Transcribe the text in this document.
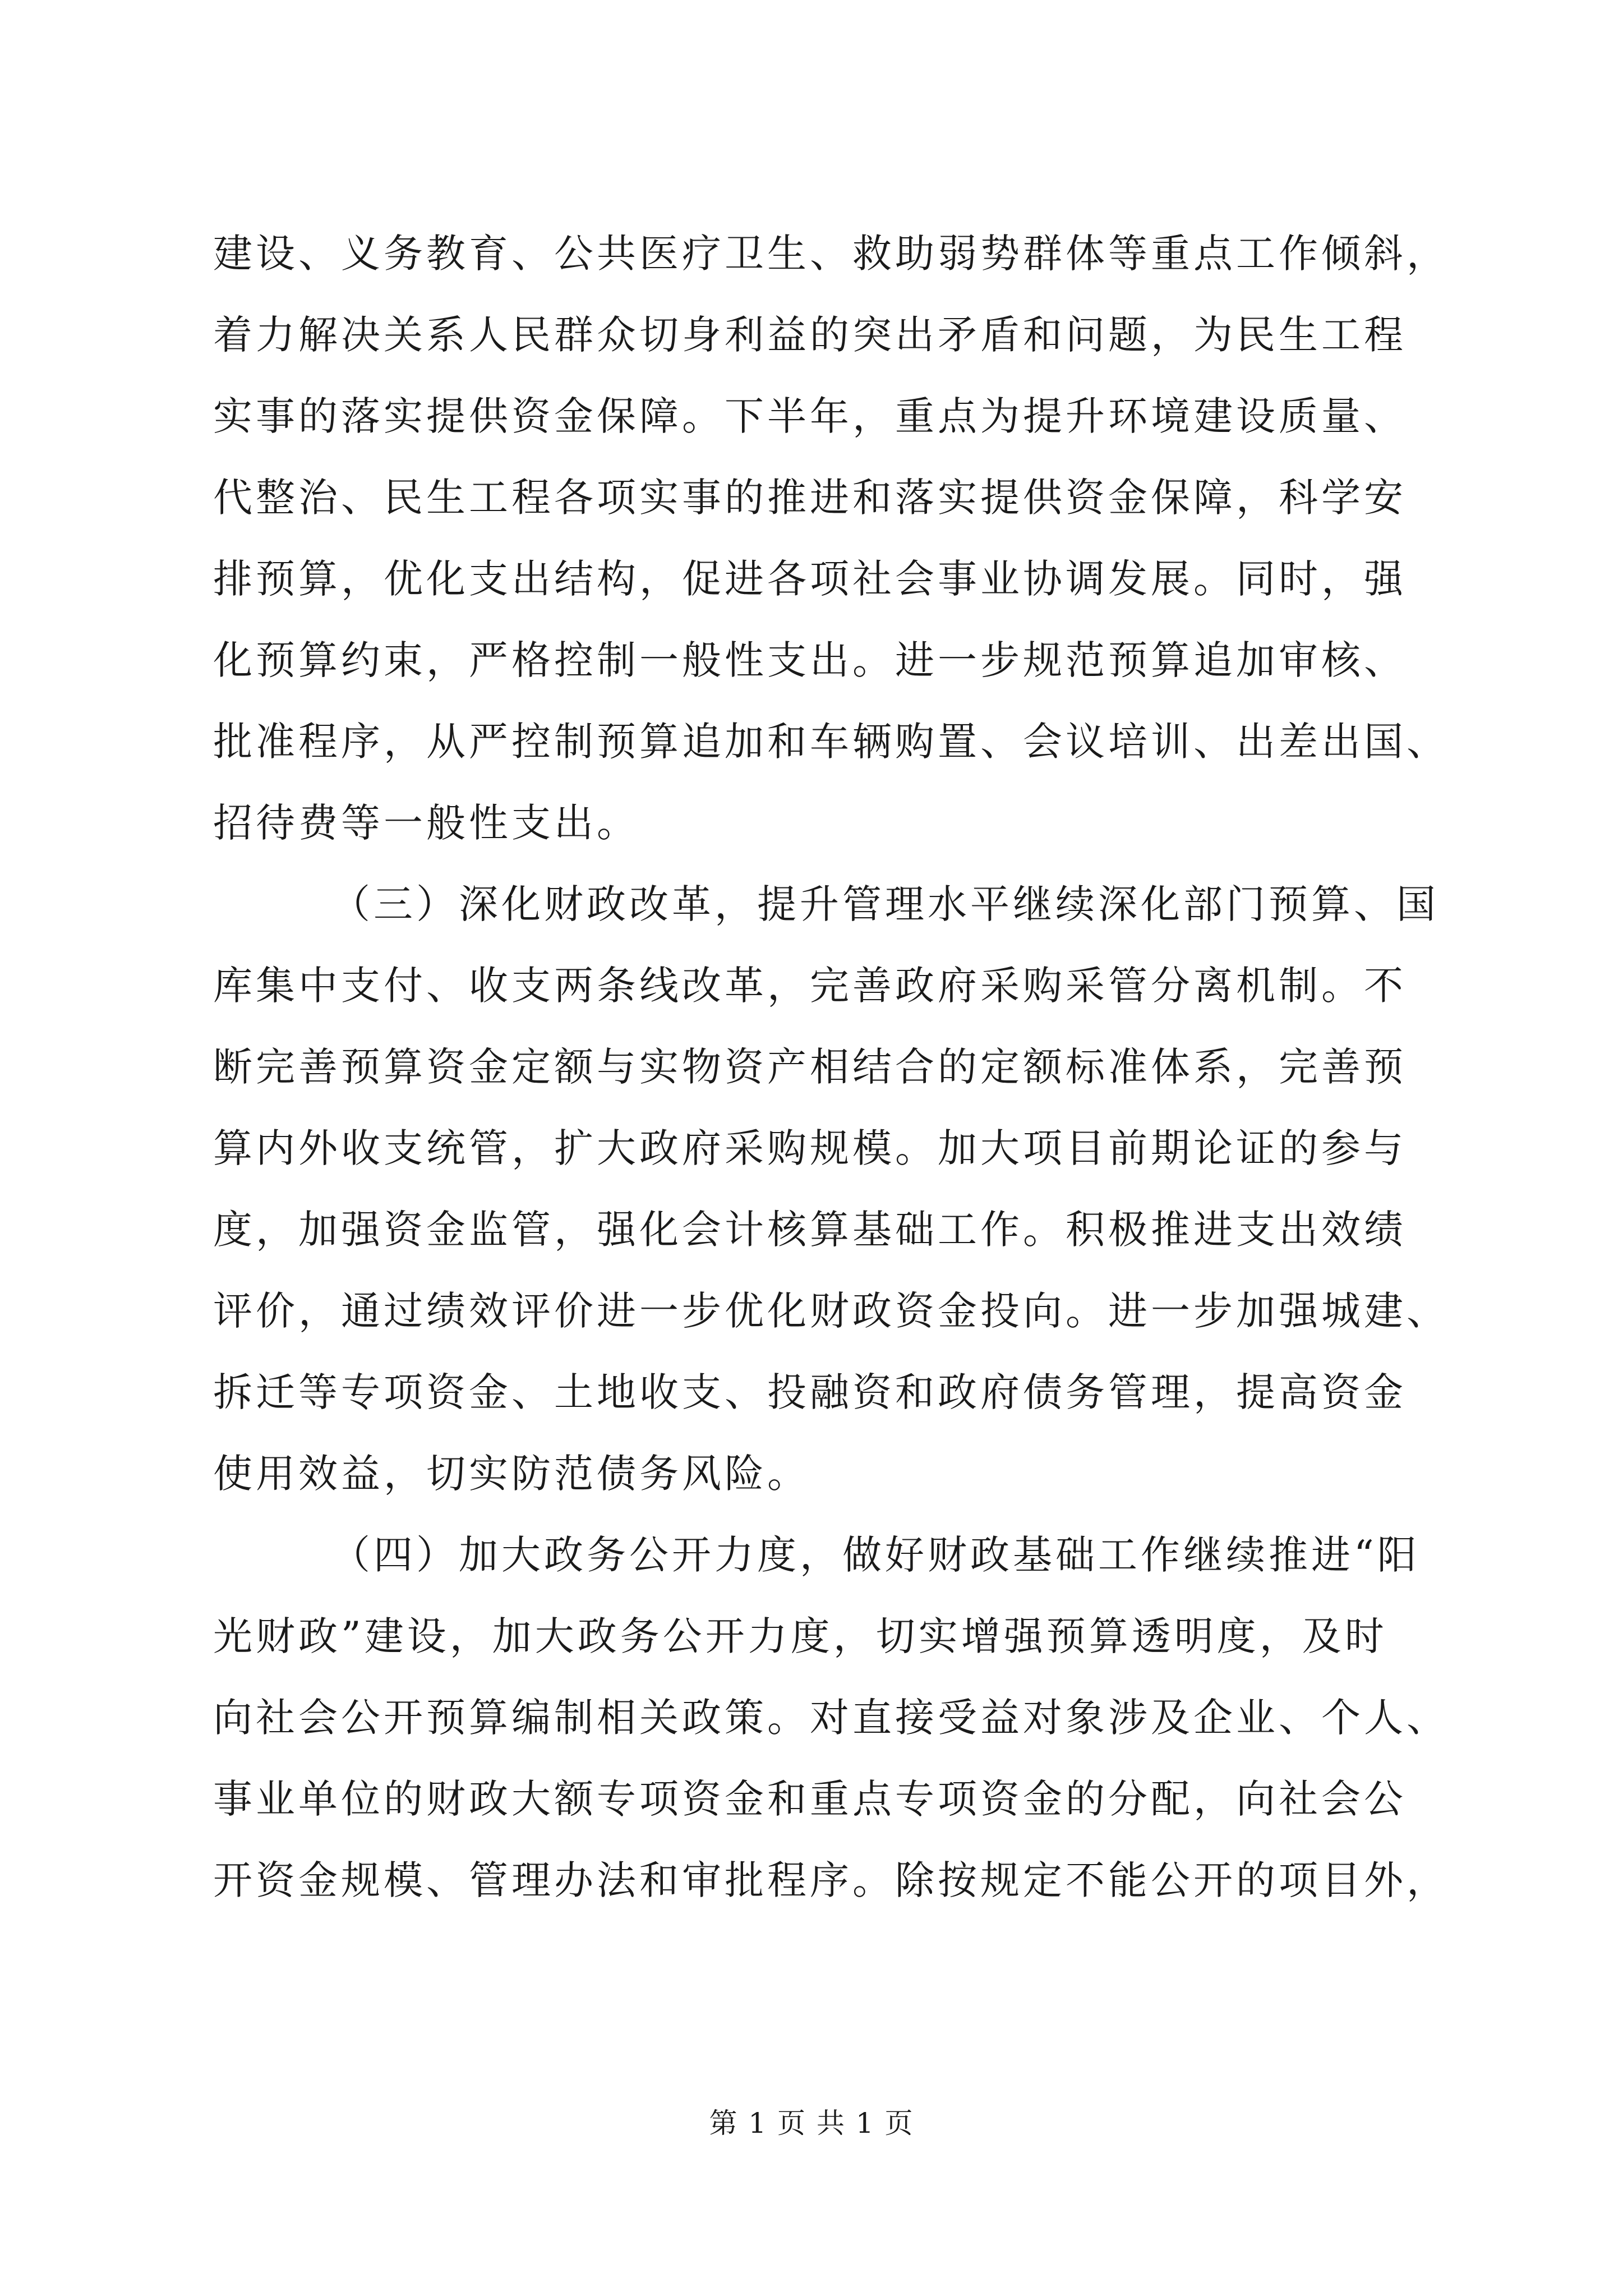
建设、义务教育、公共医疗卫生、救助弱势群体等重点工作倾斜，
着力解决关系人民群众切身利益的突出矛盾和问题，为民生工程
实事的落实提供资金保障。下半年，重点为提升环境建设质量、
代整治、民生工程各项实事的推进和落实提供资金保障，科学安
排预算，优化支出结构，促进各项社会事业协调发展。同时，强
化预算约束，严格控制一般性支出。进一步规范预算追加审核、
批准程序，从严控制预算追加和车辆购置、会议培训、出差出国、
招待费等一般性支出。
（三）深化财政改革，提升管理水平继续深化部门预算、国
库集中支付、收支两条线改革，完善政府采购采管分离机制。不
断完善预算资金定额与实物资产相结合的定额标准体系，完善预
算内外收支统管，扩大政府采购规模。加大项目前期论证的参与
度，加强资金监管，强化会计核算基础工作。积极推进支出效绩
评价，通过绩效评价进一步优化财政资金投向。进一步加强城建、
拆迁等专项资金、土地收支、投融资和政府债务管理，提高资金
使用效益，切实防范债务风险。
（四）加大政务公开力度，做好财政基础工作继续推进“阳
光财政”建设，加大政务公开力度，切实增强预算透明度，及时
向社会公开预算编制相关政策。对直接受益对象涉及企业、个人、
事业单位的财政大额专项资金和重点专项资金的分配，向社会公
开资金规模、管理办法和审批程序。除按规定不能公开的项目外，
第 1 页 共 1 页
